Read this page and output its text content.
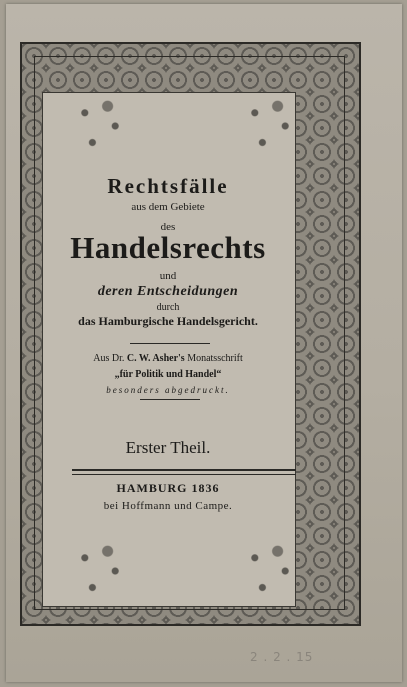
Rechtsfälle
aus dem Gebiete
des
Handelsrechts
und
deren Entscheidungen
durch
das Hamburgische Handelsgericht.
Aus Dr. C. W. Asher's Monatsschrift
„für Politik und Handel“
besonders abgedruckt.
Erster Theil.
HAMBURG 1836
bei Hoffmann und Campe.
2 . 2 . 15
